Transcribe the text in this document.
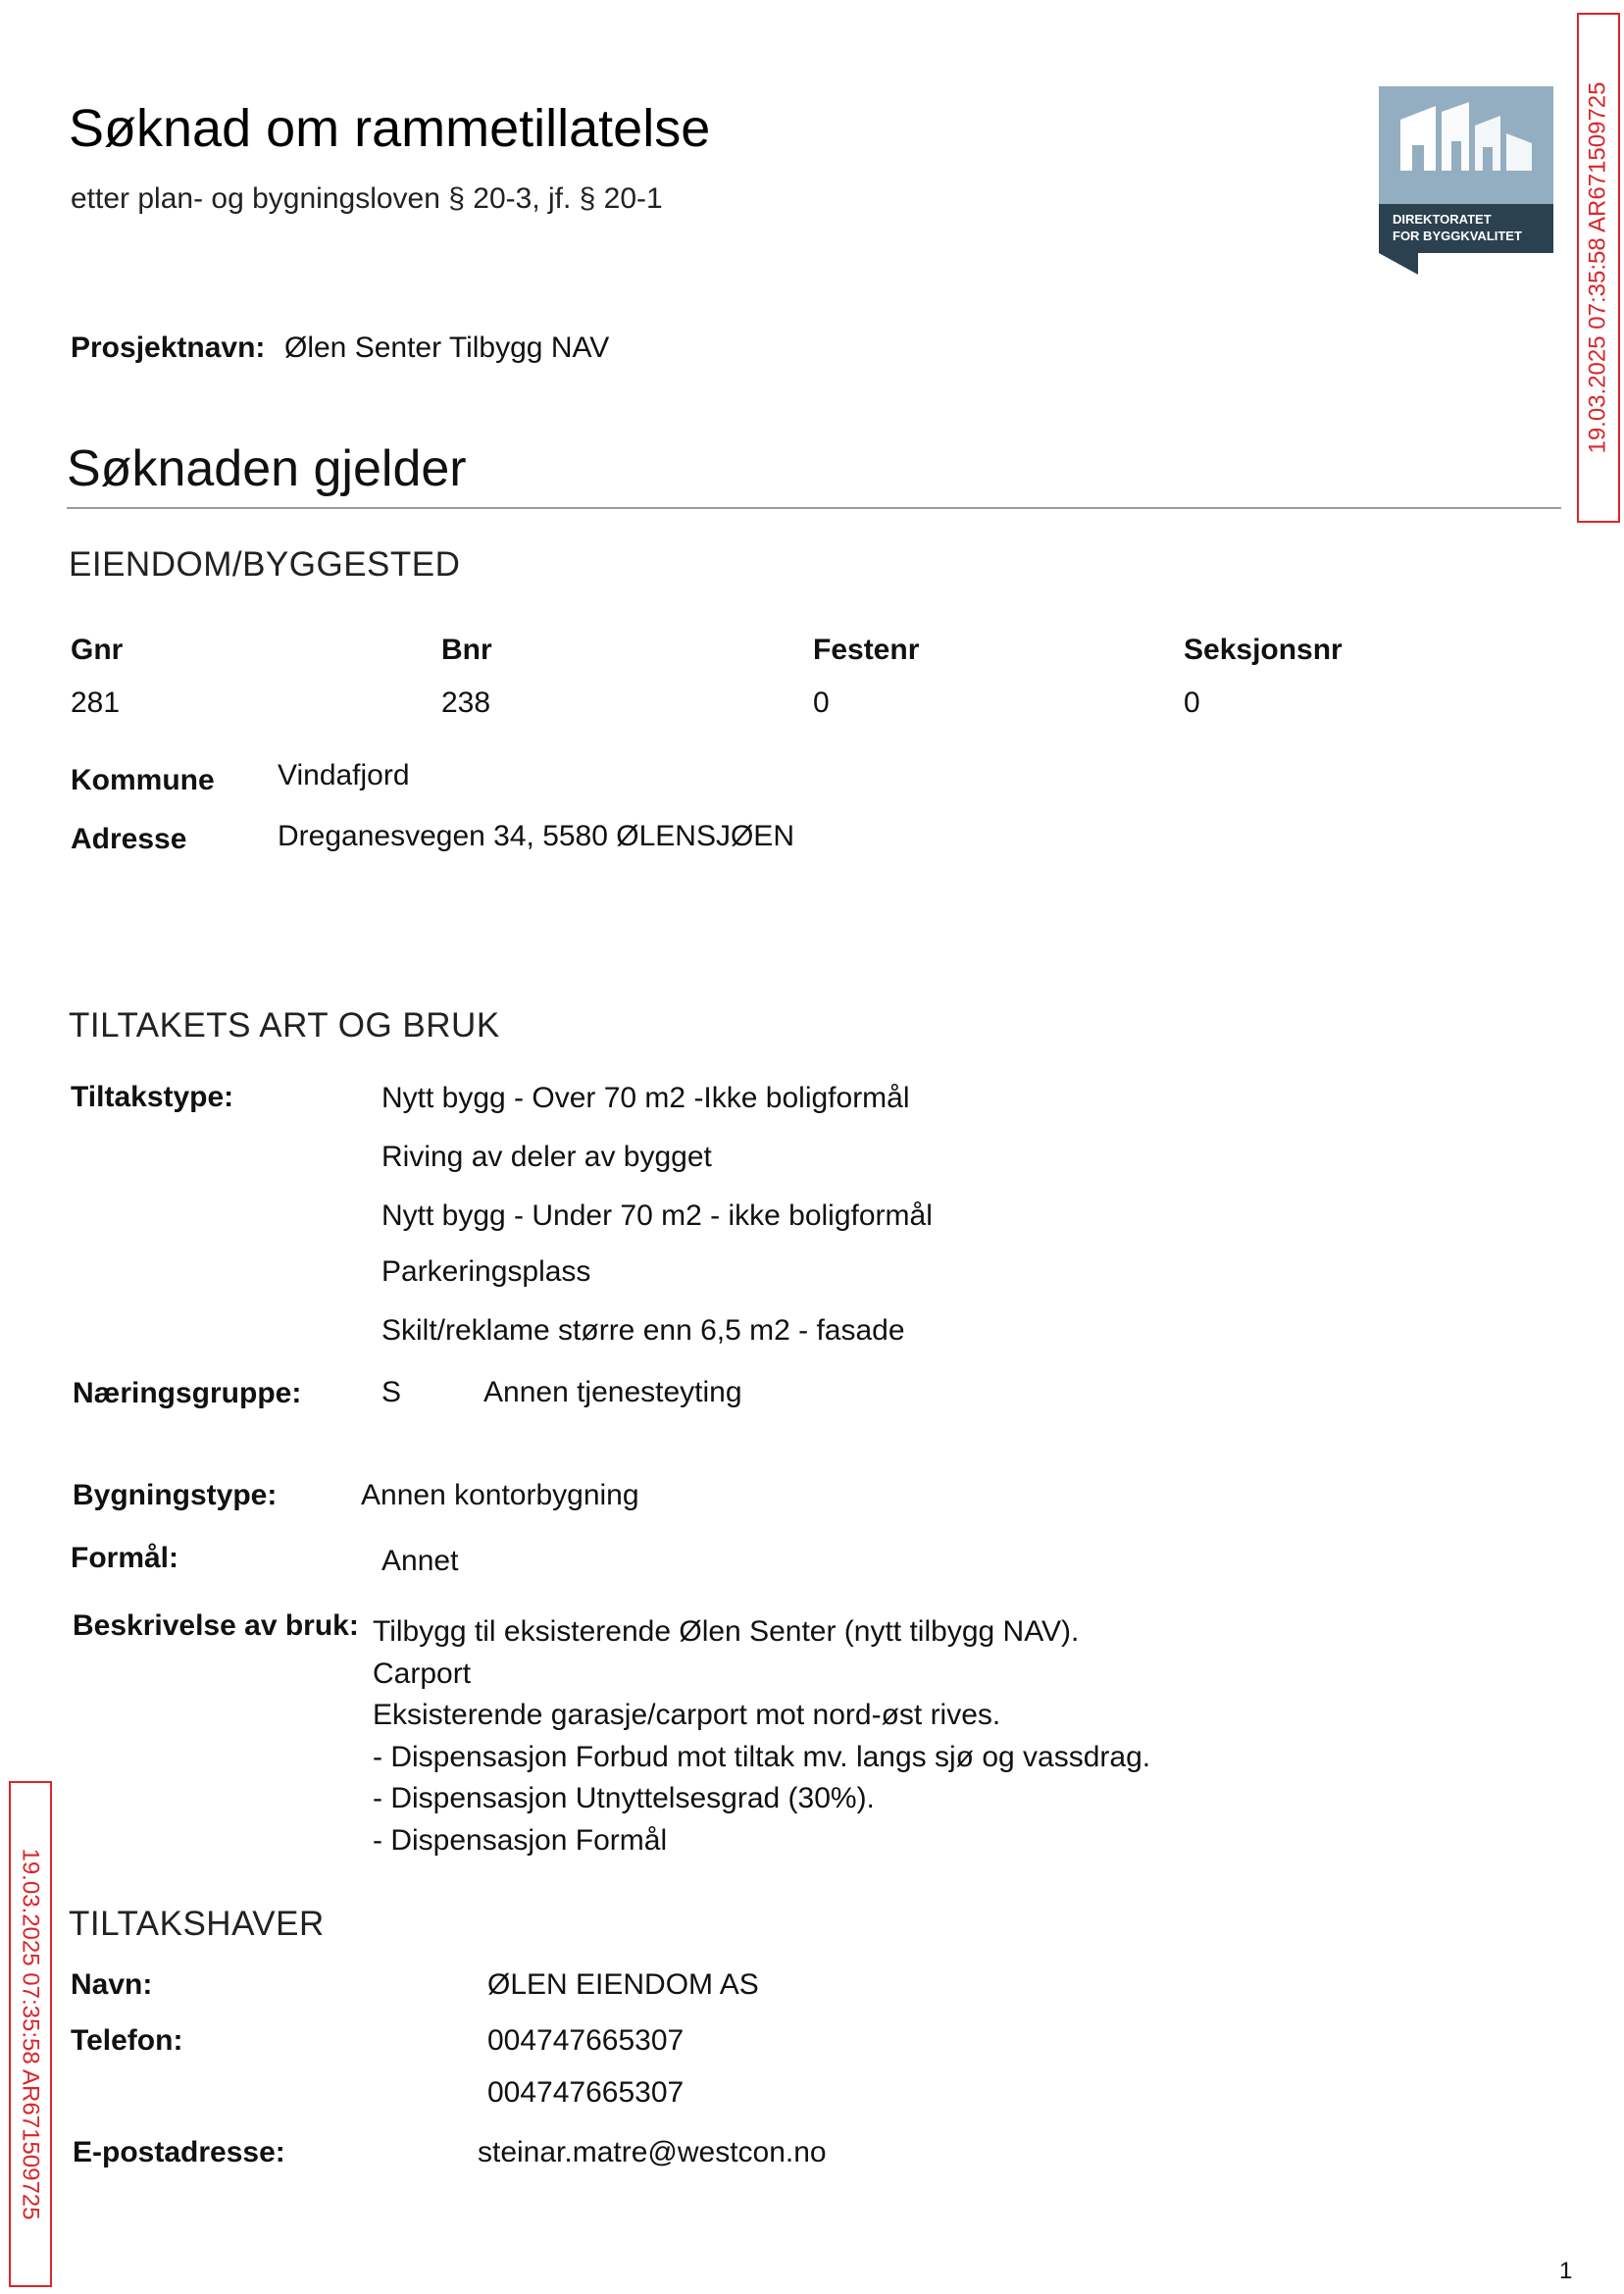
Søknad om rammetillatelse
etter plan- og bygningsloven § 20-3, jf. § 20-1
DIREKTORATET
FOR BYGGKVALITET
Prosjektnavn: Ølen Senter Tilbygg NAV
Søknaden gjelder
EIENDOM/BYGGESTED
Gnr	Bnr	Festenr	Seksjonsnr
281	238	0	0
Kommune Vindafjord
Adresse	Dreganesvegen 34, 5580 ØLENSJØEN
TILTAKETS ART OG BRUK
Tiltakstype:	Nytt bygg - Over 70 m2 -Ikke boligformål
Riving av deler av bygget
Nytt bygg - Under 70 m2 - ikke boligformål
Parkeringsplass
Skilt/reklame større enn 6,5 m2 - fasade
Næringsgruppe:	S	Annen tjenesteyting
Bygningstype:	Annen kontorbygning
Formål:	Annet
Beskrivelse av bruk: Tilbygg til eksisterende Ølen Senter (nytt tilbygg NAV).
Carport
Eksisterende garasje/carport mot nord-øst rives.
- Dispensasjon Forbud mot tiltak mv. langs sjø og vassdrag.
- Dispensasjon Utnyttelsesgrad (30%).
- Dispensasjon Formål
TILTAKSHAVER
Navn:	ØLEN EIENDOM AS
Telefon:	004747665307
004747665307
E-postadresse:	steinar.matre@westcon.no
19.03.2025 07:35:58 AR671509725
19.03.2025 07:35:58 AR671509725
1
